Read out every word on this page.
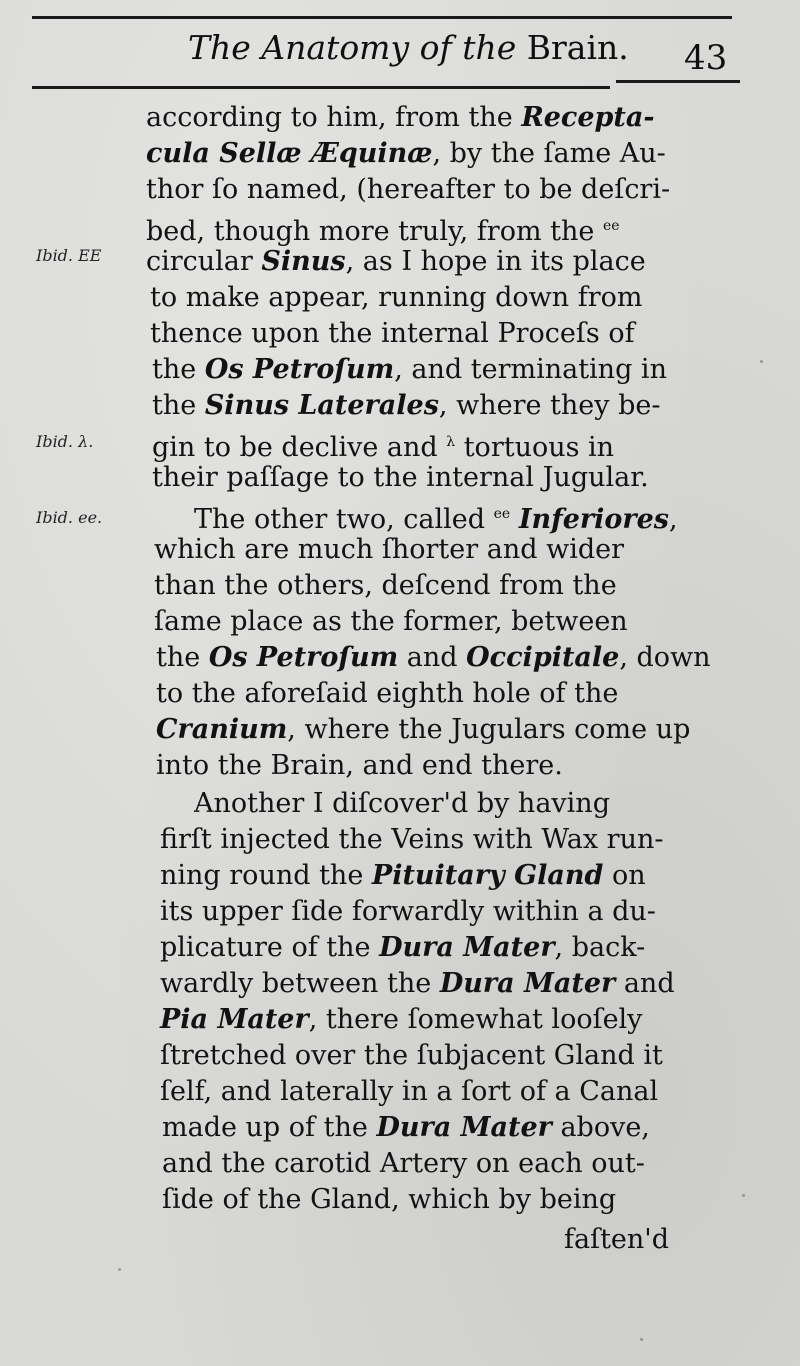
The Anatomy of the Brain. 43
Ibid. EE
Ibid. λ.
Ibid. ee.
according to him, from the Recepta-
cula Sellæ Æquinæ, by the ſame Au-
thor ſo named, (hereafter to be deſcri-
bed, though more truly, from the $^{ee}$
circular Sinus, as I hope in its place
to make appear, running down from
thence upon the internal Proceſs of
the Os Petroſum, and terminating in
the Sinus Laterales, where they be-
gin to be declive and $^\lambda$ tortuous in
their paſſage to the internal Jugular.
The other two, called $^{ee}$ Inferiores,
which are much ſhorter and wider
than the others, deſcend from the
ſame place as the former, between
the Os Petroſum and Occipitale, down
to the aforeſaid eighth hole of the
Cranium, where the Jugulars come up
into the Brain, and end there.
Another I diſcover'd by having
firſt injected the Veins with Wax run-
ning round the Pituitary Gland on
its upper ſide forwardly within a du-
plicature of the Dura Mater, back-
wardly between the Dura Mater and
Pia Mater, there ſomewhat looſely
ſtretched over the ſubjacent Gland it
ſelf, and laterally in a ſort of a Canal
made up of the Dura Mater above,
and the carotid Artery on each out-
ſide of the Gland, which by being
faſten'd
